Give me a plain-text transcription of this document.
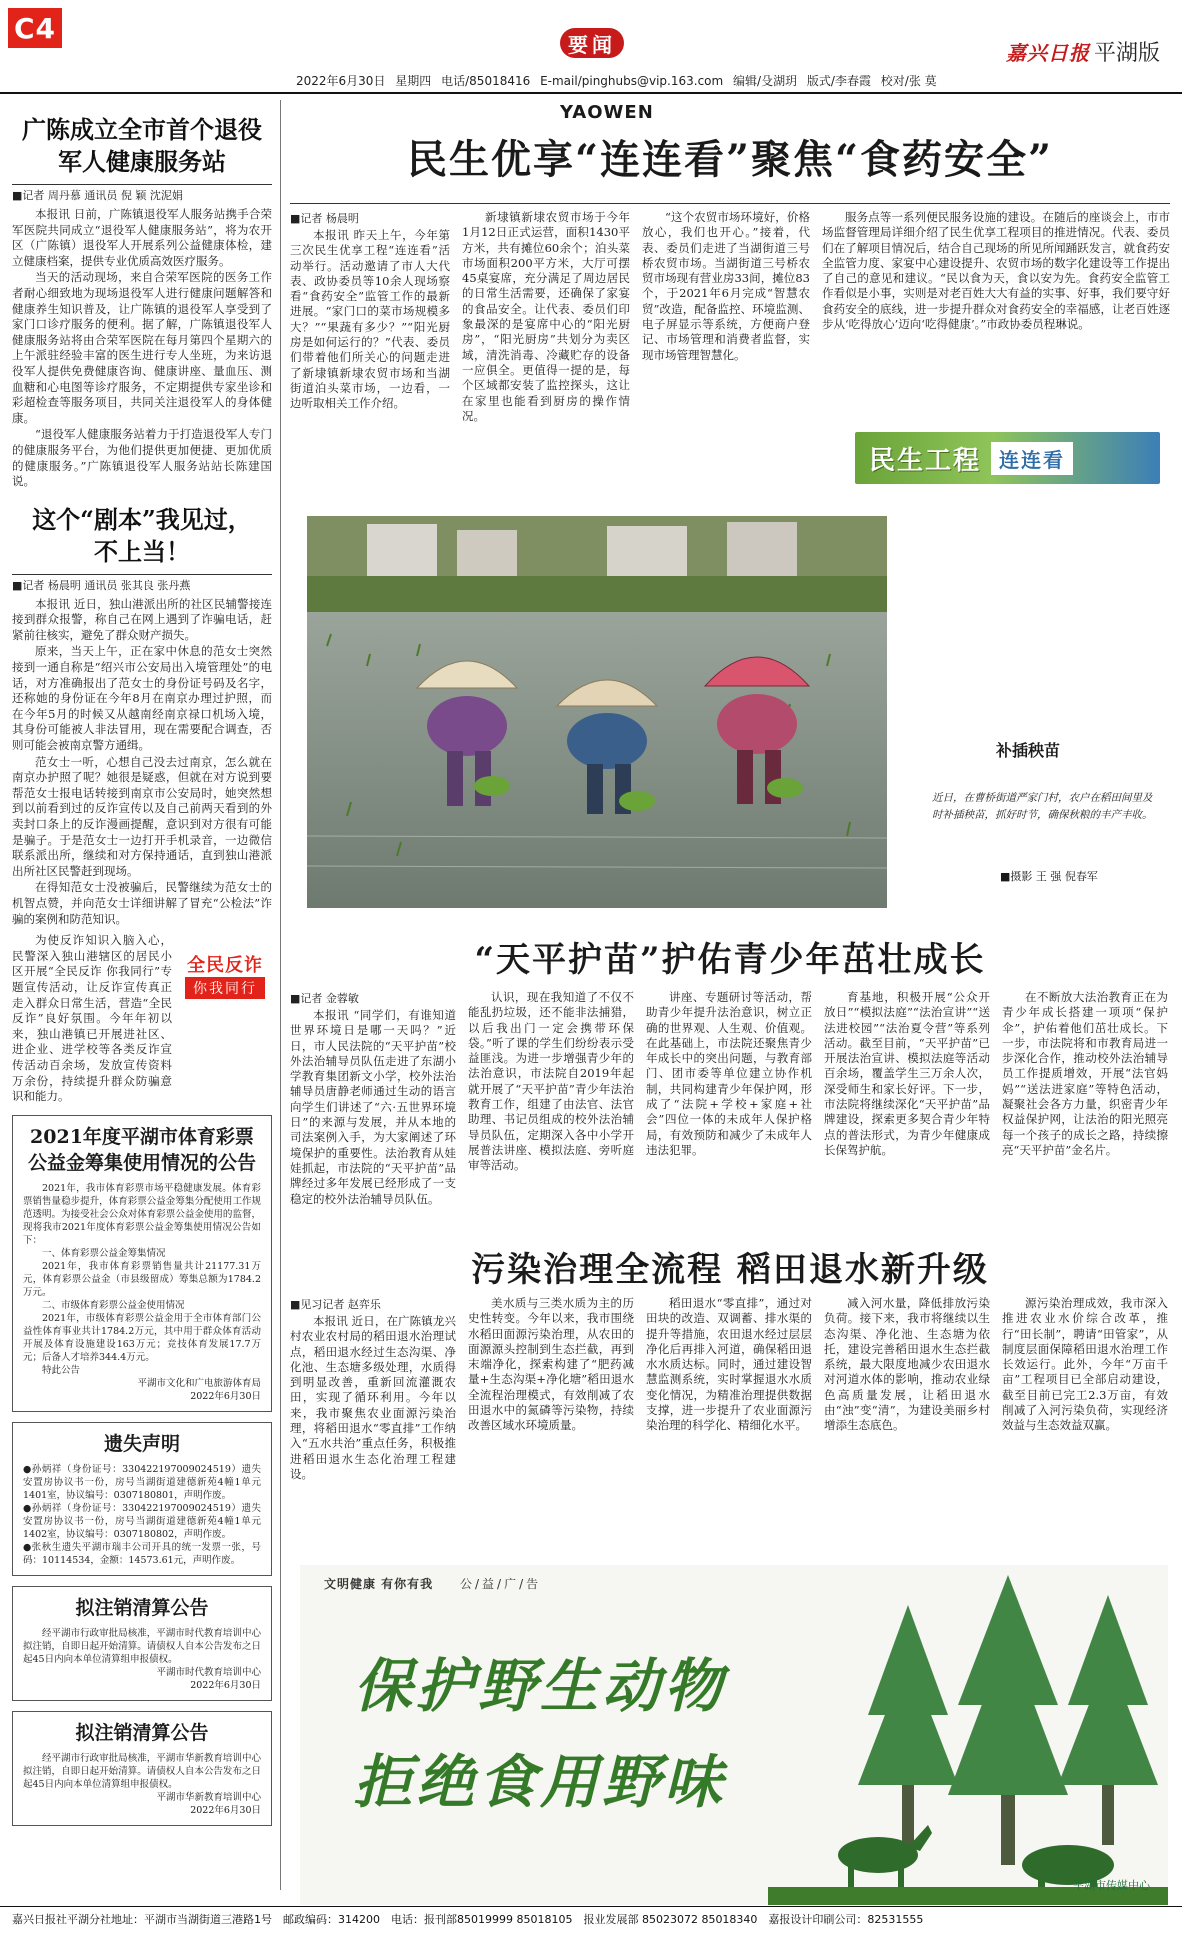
C4	要闻	嘉兴日报 平湖版
2022年6月30日 星期四 电话/85018416 E-mail/pinghubs@vip.163.com 编辑/殳湖玥 版式/李春霞 校对/张 莫
广陈成立全市首个退役军人健康服务站
■记者 周丹慕 通讯员 倪 颖 沈泥娟

本报讯 日前，广陈镇退役军人服务站携手合荣军医院共同成立“退役军人健康服务站”，将为农开区（广陈镇）退役军人开展系列公益健康体检，建立健康档案，提供专业优质高效医疗服务。

当天的活动现场，来自合荣军医院的医务工作者耐心细致地为现场退役军人进行健康问题解答和健康养生知识普及，让广陈镇的退役军人享受到了家门口诊疗服务的便利。据了解，广陈镇退役军人健康服务站将由合荣军医院在每月第四个星期六的上午派驻经验丰富的医生进行专人坐班，为来访退役军人提供免费健康咨询、健康讲座、量血压、测血糖和心电图等诊疗服务，不定期提供专家坐诊和彩超检查等服务项目，共同关注退役军人的身体健康。

“退役军人健康服务站着力于打造退役军人专门的健康服务平台，为他们提供更加便捷、更加优质的健康服务。”广陈镇退役军人服务站站长陈建国说。

这个“剧本”我见过，不上当！
■记者 杨晨明 通讯员 张其良 张丹燕

本报讯 近日，独山港派出所的社区民辅警接连接到群众报警，称自己在网上遇到了诈骗电话，赶紧前往核实，避免了群众财产损失。

原来，当天上午，正在家中休息的范女士突然接到一通自称是“绍兴市公安局出入境管理处”的电话，对方准确报出了范女士的身份证号码及名字，还称她的身份证在今年8月在南京办理过护照，而在今年5月的时候又从越南经南京禄口机场入境，其身份可能被人非法冒用，现在需要配合调查，否则可能会被南京警方通缉。

范女士一听，心想自己没去过南京，怎么就在南京办护照了呢？她很是疑惑，但就在对方说到要帮范女士报电话转接到南京市公安局时，她突然想到以前看到过的反诈宣传以及自己前两天看到的外卖封口条上的反诈漫画提醒，意识到对方很有可能是骗子。于是范女士一边打开手机录音，一边微信联系派出所，继续和对方保持通话，直到独山港派出所社区民警赶到现场。

在得知范女士没被骗后，民警继续为范女士的机智点赞，并向范女士详细讲解了冒充“公检法”诈骗的案例和防范知识。

为使反诈知识入脑入心，民警深入独山港辖区的居民小区开展“全民反诈 你我同行”专题宣传活动，让反诈宣传真正走入群众日常生活，营造“全民反诈”良好氛围。今年年初以来，独山港镇已开展进社区、进企业、进学校等各类反诈宣传活动百余场，发放宣传资料万余份，持续提升群众防骗意识和能力。
全民反诈
你我同行
2021年度平湖市体育彩票公益金筹集使用情况的公告

2021年，我市体育彩票市场平稳健康发展。体育彩票销售量稳步提升，体育彩票公益金筹集分配使用工作规范透明。为接受社会公众对体育彩票公益金使用的监督，现将我市2021年度体育彩票公益金筹集使用情况公告如下：

一、体育彩票公益金筹集情况

2021年，我市体育彩票销售量共计21177.31万元，体育彩票公益金（市县级留成）筹集总额为1784.2万元。

二、市级体育彩票公益金使用情况

2021年，市级体育彩票公益金用于全市体育部门公益性体育事业共计1784.2万元，其中用于群众体育活动开展及体育设施建设163万元；竞技体育发展17.7万元；后备人才培养344.4万元。

特此公告

平湖市文化和广电旅游体育局
2022年6月30日
遗失声明

●孙炳祥（身份证号：330422197009024519）遗失安置房协议书一份，房号当湖街道建德新苑4幢1单元1401室，协议编号：0307180801，声明作废。

●孙炳祥（身份证号：330422197009024519）遗失安置房协议书一份，房号当湖街道建德新苑4幢1单元1402室，协议编号：0307180802，声明作废。

●张秋生遗失平湖市瑞丰公司开具的统一发票一张，号码：10114534，金额：14573.61元，声明作废。

拟注销清算公告
经平湖市行政审批局核准，平湖市时代教育培训中心拟注销，自即日起开始清算。请债权人自本公告发布之日起45日内向本单位清算组申报债权。
平湖市时代教育培训中心
2022年6月30日
拟注销清算公告
经平湖市行政审批局核准，平湖市华新教育培训中心拟注销，自即日起开始清算。请债权人自本公告发布之日起45日内向本单位清算组申报债权。
平湖市华新教育培训中心
2022年6月30日
YAOWEN
民生优享“连连看”聚焦“食药安全”
■记者 杨晨明

本报讯 昨天上午，今年第三次民生优享工程“连连看”活动举行。活动邀请了市人大代表、政协委员等10余人现场察看“食药安全”监管工作的最新进展。“家门口的菜市场规模多大？”“果蔬有多少？”“阳光厨房是如何运行的？”代表、委员们带着他们所关心的问题走进了新埭镇新埭农贸市场和当湖街道泊头菜市场，一边看，一边听取相关工作介绍。

新埭镇新埭农贸市场于今年1月12日正式运营，面积1430平方米，共有摊位60余个；泊头菜市场面积200平方米，大厅可摆45桌宴席，充分满足了周边居民的日常生活需要，还确保了家宴的食品安全。让代表、委员们印象最深的是宴席中心的“阳光厨房”，“阳光厨房”共划分为卖区域，清洗消毒、冷藏贮存的设备一应俱全。更值得一提的是，每个区域都安装了监控探头，这让在家里也能看到厨房的操作情况。

“这个农贸市场环境好，价格放心，我们也开心。”接着，代表、委员们走进了当湖街道三号桥农贸市场。当湖街道三号桥农贸市场现有营业房33间，摊位83个，于2021年6月完成“智慧农贸”改造，配备监控、环境监测、电子屏显示等系统，方便商户登记、市场管理和消费者监督，实现市场管理智慧化。

服务点等一系列便民服务设施的建设。在随后的座谈会上，市市场监督管理局详细介绍了民生优享工程项目的推进情况。代表、委员们在了解项目情况后，结合自己现场的所见所闻踊跃发言，就食药安全监管力度、家宴中心建设提升、农贸市场的数字化建设等工作提出了自己的意见和建议。“民以食为天，食以安为先。食药安全监管工作看似是小事，实则是对老百姓大大有益的实事、好事，我们要守好食药安全的底线，进一步提升群众对食药安全的幸福感，让老百姓逐步从‘吃得放心’迈向‘吃得健康’。”市政协委员程琳说。

民生工程 连连看
补插秧苗
近日，在曹桥街道严家门村，农户在稻田间里及时补插秧苗，抓好时节，确保秋粮的丰产丰收。
■摄影 王 强 倪春军
“天平护苗”护佑青少年茁壮成长
■记者 金蓉敏

本报讯 “同学们，有谁知道世界环境日是哪一天吗？”近日，市人民法院的“天平护苗”校外法治辅导员队伍走进了东湖小学教育集团新文小学，校外法治辅导员唐静老师通过生动的语言向学生们讲述了“六·五世界环境日”的来源与发展，并从本地的司法案例入手，为大家阐述了环境保护的重要性。法治教育从娃娃抓起，市法院的“天平护苗”品牌经过多年发展已经形成了一支稳定的校外法治辅导员队伍。

认识，现在我知道了不仅不能乱扔垃圾，还不能非法捕猎，以后我出门一定会携带环保袋。”听了课的学生们纷纷表示受益匪浅。为进一步增强青少年的法治意识，市法院自2019年起就开展了“天平护苗”青少年法治教育工作，组建了由法官、法官助理、书记员组成的校外法治辅导员队伍，定期深入各中小学开展普法讲座、模拟法庭、旁听庭审等活动。

讲座、专题研讨等活动，帮助青少年提升法治意识，树立正确的世界观、人生观、价值观。在此基础上，市法院还聚焦青少年成长中的突出问题，与教育部门、团市委等单位建立协作机制，共同构建青少年保护网，形成了“法院+学校+家庭+社会”四位一体的未成年人保护格局，有效预防和减少了未成年人违法犯罪。

育基地，积极开展“公众开放日”“模拟法庭”“法治宣讲”“送法进校园”“法治夏令营”等系列活动。截至目前，“天平护苗”已开展法治宣讲、模拟法庭等活动百余场，覆盖学生三万余人次，深受师生和家长好评。下一步，市法院将继续深化“天平护苗”品牌建设，探索更多契合青少年特点的普法形式，为青少年健康成长保驾护航。

在不断放大法治教育正在为青少年成长搭建一项项“保护伞”，护佑着他们茁壮成长。下一步，市法院将和市教育局进一步深化合作，推动校外法治辅导员工作提质增效，开展“法官妈妈”“送法进家庭”等特色活动，凝聚社会各方力量，织密青少年权益保护网，让法治的阳光照亮每一个孩子的成长之路，持续擦亮“天平护苗”金名片。

污染治理全流程 稻田退水新升级
■见习记者 赵弈乐

本报讯 近日，在广陈镇龙兴村农业农村局的稻田退水治理试点，稻田退水经过生态沟渠、净化池、生态塘多级处理，水质得到明显改善，重新回流灌溉农田，实现了循环利用。今年以来，我市聚焦农业面源污染治理，将稻田退水“零直排”工作纳入“五水共治”重点任务，积极推进稻田退水生态化治理工程建设。

美水质与三类水质为主的历史性转变。今年以来，我市围绕水稻田面源污染治理，从农田的面源源头控制到生态拦截，再到末端净化，探索构建了“肥药减量+生态沟渠+净化塘”稻田退水全流程治理模式，有效削减了农田退水中的氮磷等污染物，持续改善区域水环境质量。

稻田退水“零直排”，通过对田块的改造、双调蓄、排水渠的提升等措施，农田退水经过层层净化后再排入河道，确保稻田退水水质达标。同时，通过建设智慧监测系统，实时掌握退水水质变化情况，为精准治理提供数据支撑，进一步提升了农业面源污染治理的科学化、精细化水平。

减入河水量，降低排放污染负荷。接下来，我市将继续以生态沟渠、净化池、生态塘为依托，建设完善稻田退水生态拦截系统，最大限度地减少农田退水对河道水体的影响，推动农业绿色高质量发展，让稻田退水由“浊”变“清”，为建设美丽乡村增添生态底色。

源污染治理成效，我市深入推进农业水价综合改革，推行“田长制”，聘请“田管家”，从制度层面保障稻田退水治理工作长效运行。此外，今年“万亩千亩”工程项目已全部启动建设，截至目前已完工2.3万亩，有效削减了入河污染负荷，实现经济效益与生态效益双赢。

文明健康 有你有我 公/益/广/告
保护野生动物
拒绝食用野味
平湖市传媒中心
嘉兴日报社平湖分社地址：平湖市当湖街道三港路1号　邮政编码：314200　电话：报刊部85019999 85018105　报业发展部 85023072 85018340　嘉报设计印刷公司：82531555
